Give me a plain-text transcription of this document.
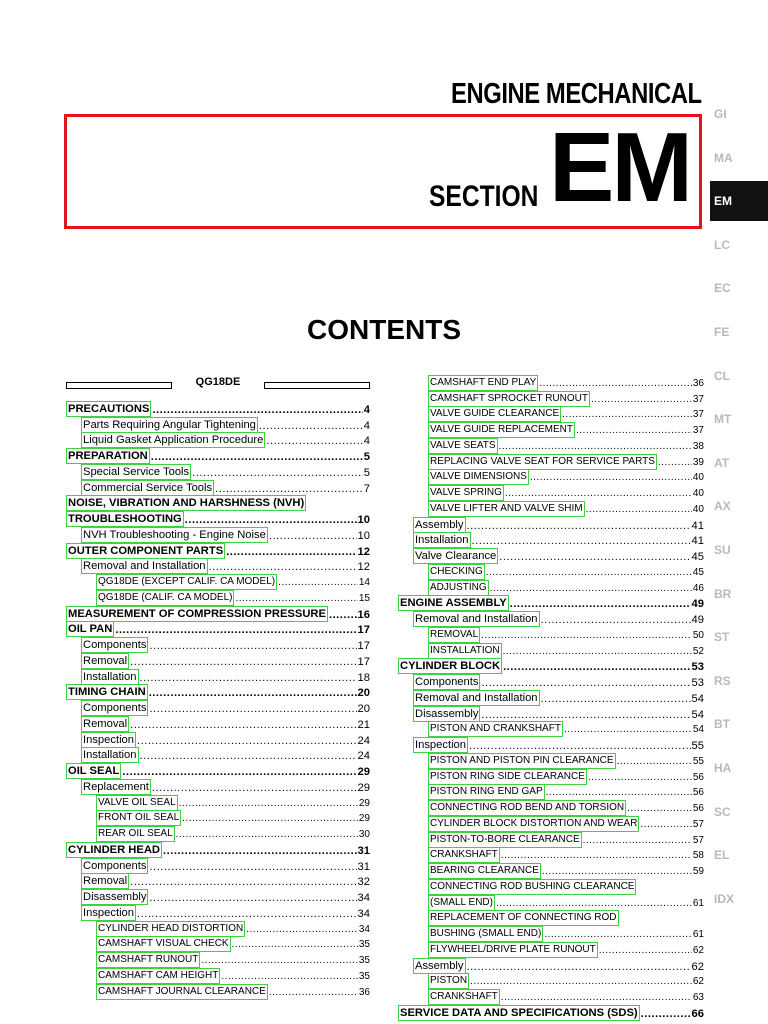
ENGINE MECHANICAL
SECTION EM	GI
MA
EM
LC
EC
FE
CL
MT
AT
AX
SU
BR
ST
RS
BT
HA
SC
EL
IDX
CONTENTS
QG18DE
PRECAUTIONS .....	4
Parts Requiring Angular Tightening .....	4
Liquid Gasket Application Procedure .....	4
PREPARATION .....	5
Special Service Tools .....	5
Commercial Service Tools .....	7
NOISE, VIBRATION AND HARSHNESS (NVH)
TROUBLESHOOTING .....	10
NVH Troubleshooting - Engine Noise .....	10
OUTER COMPONENT PARTS .....	12
Removal and Installation .....	12
QG18DE (EXCEPT CALIF. CA MODEL) .....	14
QG18DE (CALIF. CA MODEL) .....	15
MEASUREMENT OF COMPRESSION PRESSURE .....	16
OIL PAN .....	17
Components .....	17
Removal .....	17
Installation .....	18
TIMING CHAIN .....	20
Components .....	20
Removal .....	21
Inspection .....	24
Installation .....	24
OIL SEAL .....	29
Replacement .....	29
VALVE OIL SEAL .....	29
FRONT OIL SEAL .....	29
REAR OIL SEAL .....	30
CYLINDER HEAD .....	31
Components .....	31
Removal .....	32
Disassembly .....	34
Inspection .....	34
CYLINDER HEAD DISTORTION .....	34
CAMSHAFT VISUAL CHECK .....	35
CAMSHAFT RUNOUT .....	35
CAMSHAFT CAM HEIGHT .....	35
CAMSHAFT JOURNAL CLEARANCE .....	36
CAMSHAFT END PLAY .....	36
CAMSHAFT SPROCKET RUNOUT .....	37
VALVE GUIDE CLEARANCE .....	37
VALVE GUIDE REPLACEMENT .....	37
VALVE SEATS .....	38
REPLACING VALVE SEAT FOR SERVICE PARTS .....	39
VALVE DIMENSIONS .....	40
VALVE SPRING .....	40
VALVE LIFTER AND VALVE SHIM .....	40
Assembly .....	41
Installation .....	41
Valve Clearance .....	45
CHECKING .....	45
ADJUSTING .....	46
ENGINE ASSEMBLY .....	49
Removal and Installation .....	49
REMOVAL .....	50
INSTALLATION .....	52
CYLINDER BLOCK .....	53
Components .....	53
Removal and Installation .....	54
Disassembly .....	54
PISTON AND CRANKSHAFT .....	54
Inspection .....	55
PISTON AND PISTON PIN CLEARANCE .....	55
PISTON RING SIDE CLEARANCE .....	56
PISTON RING END GAP .....	56
CONNECTING ROD BEND AND TORSION .....	56
CYLINDER BLOCK DISTORTION AND WEAR .....	57
PISTON-TO-BORE CLEARANCE .....	57
CRANKSHAFT .....	58
BEARING CLEARANCE .....	59
CONNECTING ROD BUSHING CLEARANCE
(SMALL END) .....	61
REPLACEMENT OF CONNECTING ROD
BUSHING (SMALL END) .....	61
FLYWHEEL/DRIVE PLATE RUNOUT .....	62
Assembly .....	62
PISTON .....	62
CRANKSHAFT .....	63
SERVICE DATA AND SPECIFICATIONS (SDS) .....	66
